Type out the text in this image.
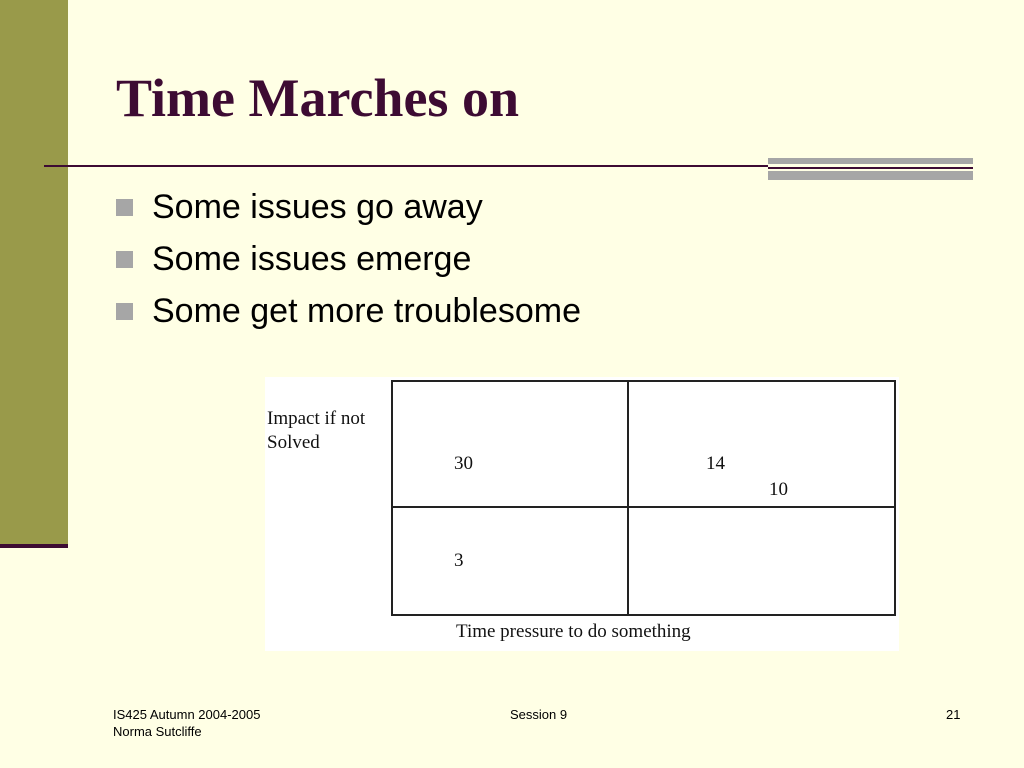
Time Marches on
Some issues go away
Some issues emerge
Some get more troublesome
Impact if not
Solved
Time pressure to do something
30	14
10
3
IS425 Autumn 2004-2005
Norma Sutcliffe
Session 9	21
